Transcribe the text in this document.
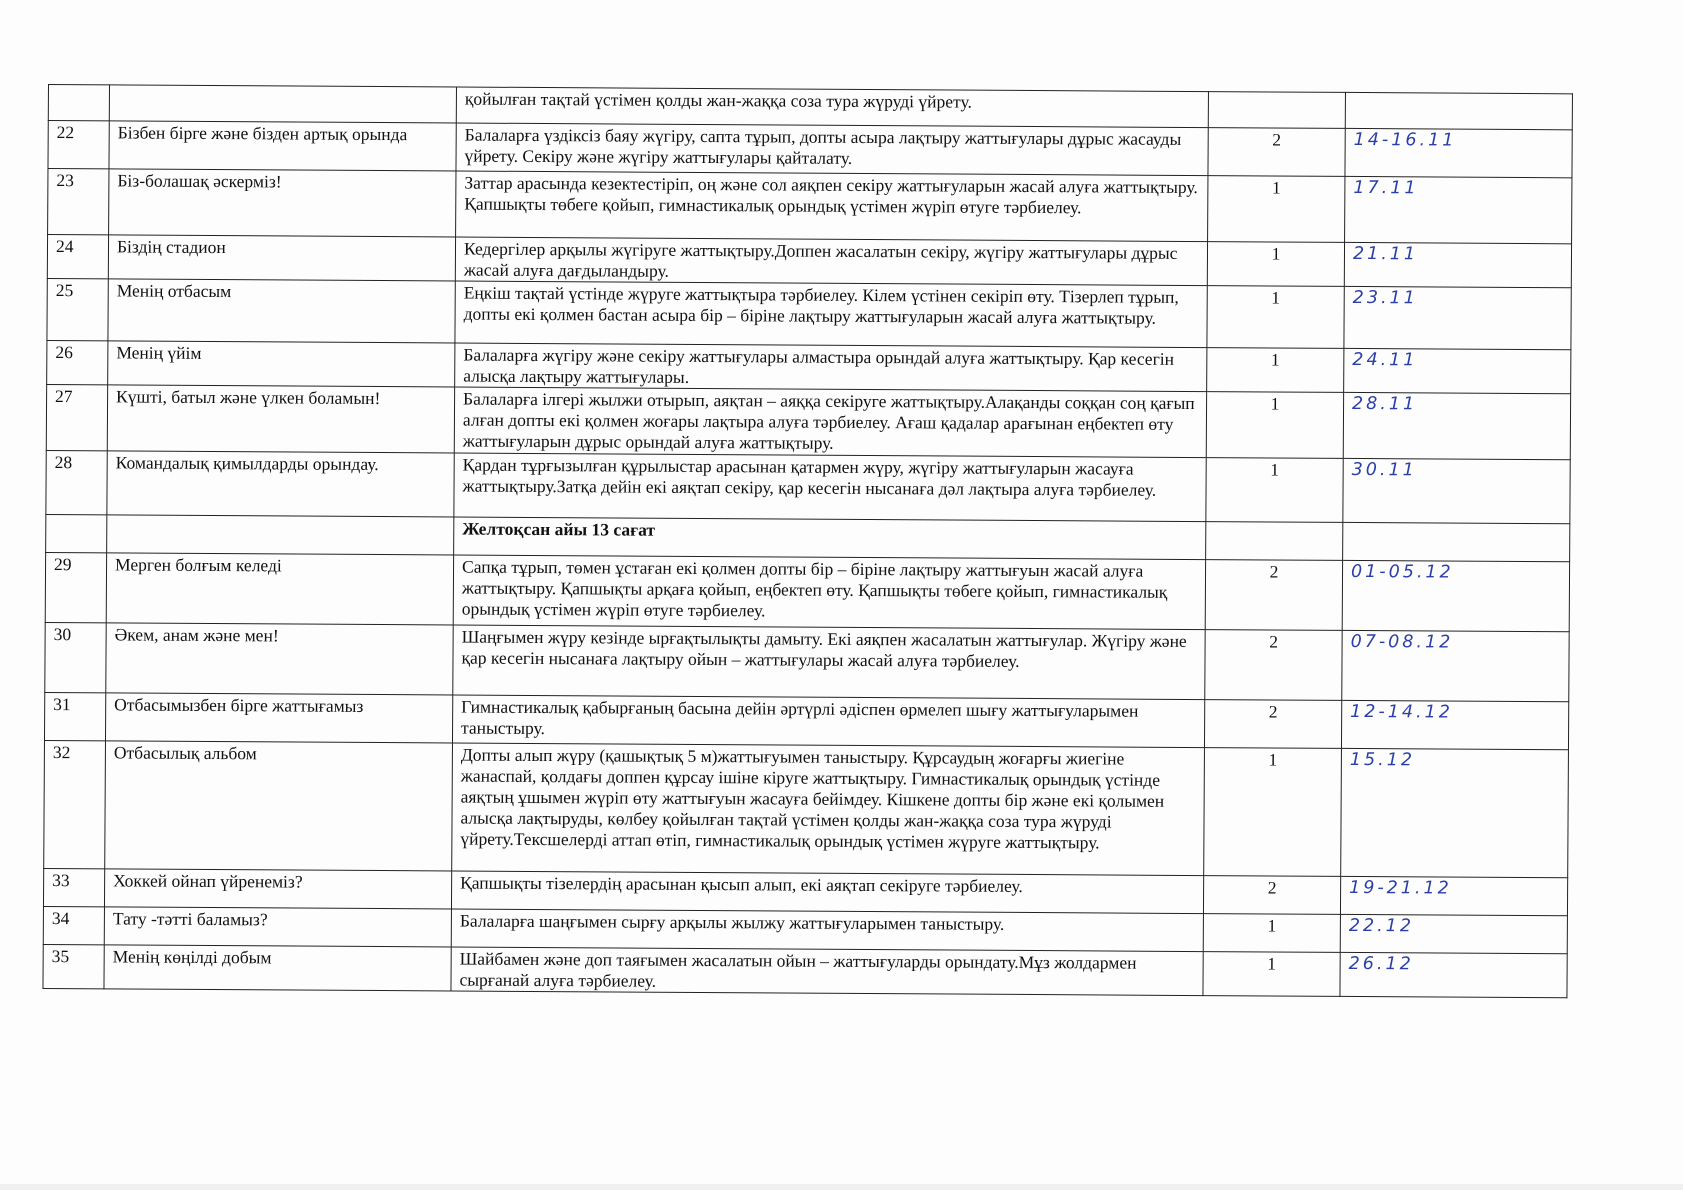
		қойылған тақтай үстімен қолды жан-жаққа соза тура жүруді үйрету.		
22	Бізбен бірге және бізден артық орында	Балаларға үздіксіз баяу жүгіру, сапта тұрып, допты асыра лақтыру жаттығулары дұрыс жасауды үйрету. Секіру және жүгіру жаттығулары қайталату.	2	14-16.11
23	Біз-болашақ әскерміз!	Заттар арасында кезектестіріп, оң және сол аяқпен секіру жаттығуларын жасай алуға жаттықтыру. Қапшықты төбеге қойып, гимнастикалық орындық үстімен жүріп өтуге тәрбиелеу.	1	17.11
24	Біздің стадион	Кедергілер арқылы жүгіруге жаттықтыру.Доппен жасалатын секіру, жүгіру жаттығулары дұрыс жасай алуға дағдыландыру.	1	21.11
25	Менің отбасым	Еңкіш тақтай үстінде жүруге жаттықтыра тәрбиелеу. Кілем үстінен секіріп өту. Тізерлеп тұрып, допты екі қолмен бастан асыра бір – біріне лақтыру жаттығуларын жасай алуға жаттықтыру.	1	23.11
26	Менің үйім	Балаларға жүгіру және секіру жаттығулары алмастыра орындай алуға жаттықтыру. Қар кесегін алысқа лақтыру жаттығулары.	1	24.11
27	Күшті, батыл және үлкен боламын!	Балаларға ілгері жылжи отырып, аяқтан – аяққа секіруге жаттықтыру.Алақанды соққан соң қағып алған допты екі қолмен жоғары лақтыра алуға тәрбиелеу. Ағаш қадалар арағынан еңбектеп өту жаттығуларын дұрыс орындай алуға жаттықтыру.	1	28.11
28	Командалық қимылдарды орындау.	Қардан тұрғызылған құрылыстар арасынан қатармен жүру, жүгіру жаттығуларын жасауға жаттықтыру.Затқа дейін екі аяқтап секіру, қар кесегін нысанаға дәл лақтыра алуға тәрбиелеу.	1	30.11
		Желтоқсан айы 13 сағат		
29	Мерген болғым келеді	Сапқа тұрып, төмен ұстаған екі қолмен допты бір – біріне лақтыру жаттығуын жасай алуға жаттықтыру. Қапшықты арқаға қойып, еңбектеп өту. Қапшықты төбеге қойып, гимнастикалық орындық үстімен жүріп өтуге тәрбиелеу.	2	01-05.12
30	Әкем, анам және мен!	Шаңғымен жүру кезінде ырғақтылықты дамыту. Екі аяқпен жасалатын жаттығулар. Жүгіру және қар кесегін нысанаға лақтыру ойын – жаттығулары жасай алуға тәрбиелеу.	2	07-08.12
31	Отбасымызбен бірге жаттығамыз	Гимнастикалық қабырғаның басына дейін әртүрлі әдіспен өрмелеп шығу жаттығуларымен таныстыру.	2	12-14.12
32	Отбасылық альбом	Допты алып жүру (қашықтық 5 м)жаттығуымен таныстыру. Құрсаудың жоғарғы жиегіне жанаспай, қолдағы доппен құрсау ішіне кіруге жаттықтыру. Гимнастикалық орындық үстінде аяқтың ұшымен жүріп өту жаттығуын жасауға бейімдеу. Кішкене допты бір және екі қолымен алысқа лақтыруды, көлбеу қойылған тақтай үстімен қолды жан-жаққа соза тура жүруді үйрету.Тексшелерді аттап өтіп, гимнастикалық орындық үстімен жүруге жаттықтыру.	1	15.12
33	Хоккей ойнап үйренеміз?	Қапшықты тізелердің арасынан қысып алып, екі аяқтап секіруге тәрбиелеу.	2	19-21.12
34	Тату -тәтті баламыз?	Балаларға шаңғымен сырғу арқылы жылжу жаттығуларымен таныстыру.	1	22.12
35	Менің көңілді добым	Шайбамен және доп таяғымен жасалатын ойын – жаттығуларды орындату.Мұз жолдармен сырғанай алуға тәрбиелеу.	1	26.12
